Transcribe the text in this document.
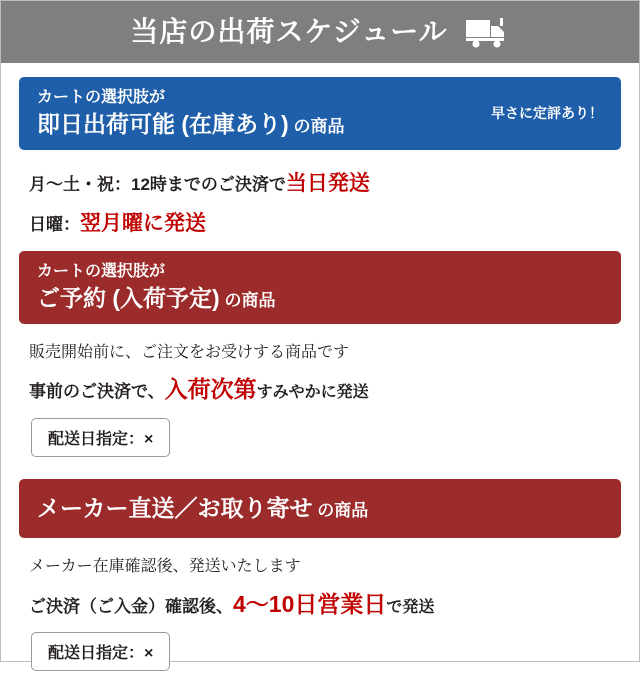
当店の出荷スケジュール
カートの選択肢が
即日出荷可能 (在庫あり) の商品
早さに定評あり！
月～土・祝：12時までのご決済で当日発送
日曜：翌月曜に発送
カートの選択肢が
ご予約 (入荷予定) の商品
販売開始前に、ご注文をお受けする商品です
事前のご決済で、入荷次第すみやかに発送
配送日指定：×
メーカー直送／お取り寄せ の商品
メーカー在庫確認後、発送いたします
ご決済（ご入金）確認後、4～10日営業日で発送
配送日指定：×
